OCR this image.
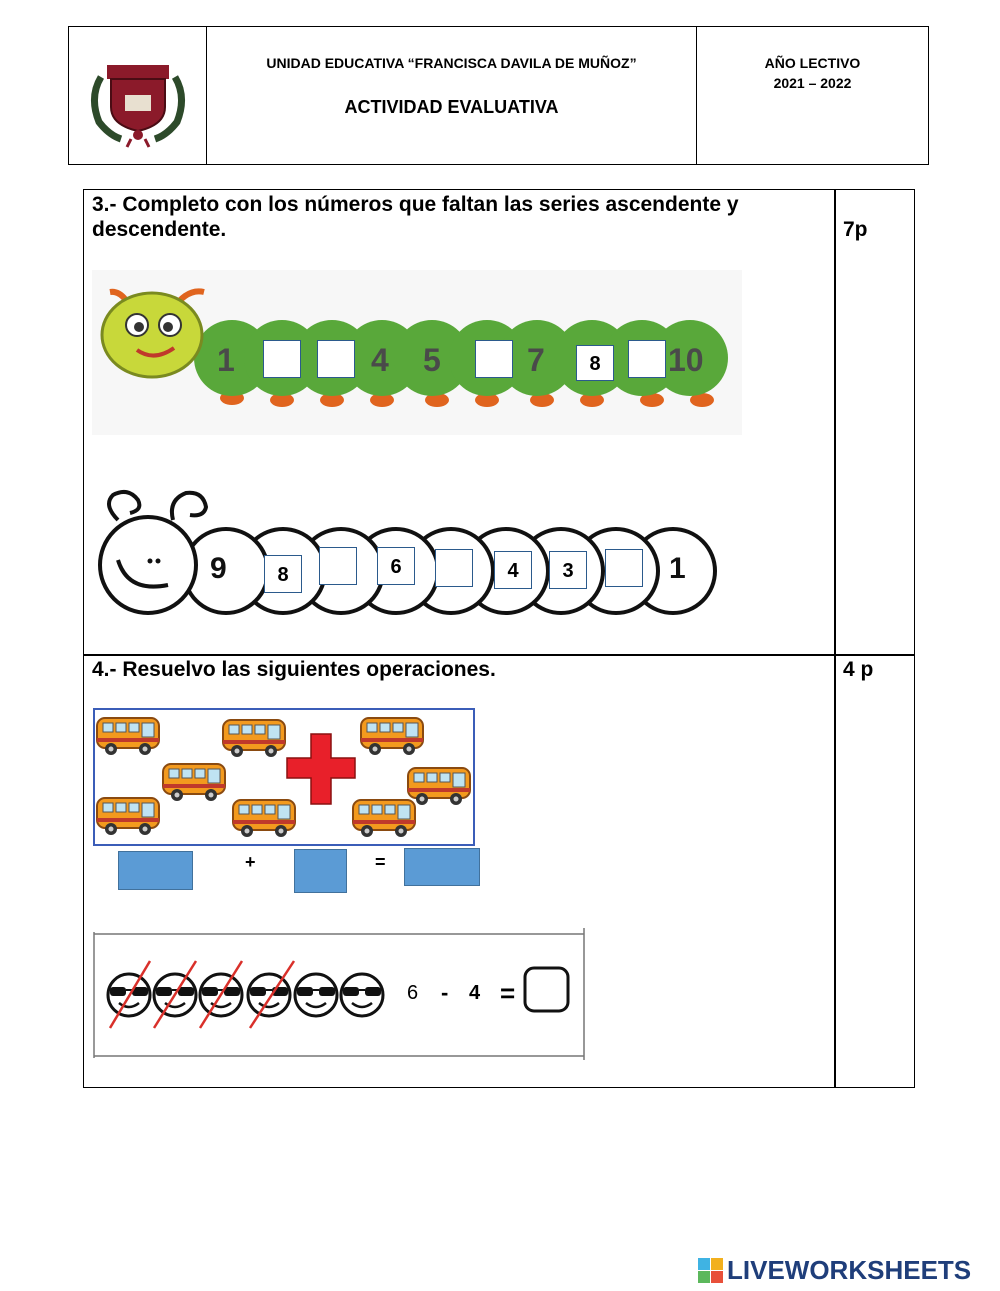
UNIDAD EDUCATIVA “FRANCISCA DAVILA DE MUÑOZ”
ACTIVIDAD EVALUATIVA
AÑO LECTIVO
2021 – 2022
3.- Completo con los números que faltan las series ascendente y descendente.	7p
1	4 5	7	10
8
9	1
8	6	4	3
4.- Resuelvo las siguientes operaciones.	4 p
+	=
6 - 4 =
LIVEWORKSHEETS
